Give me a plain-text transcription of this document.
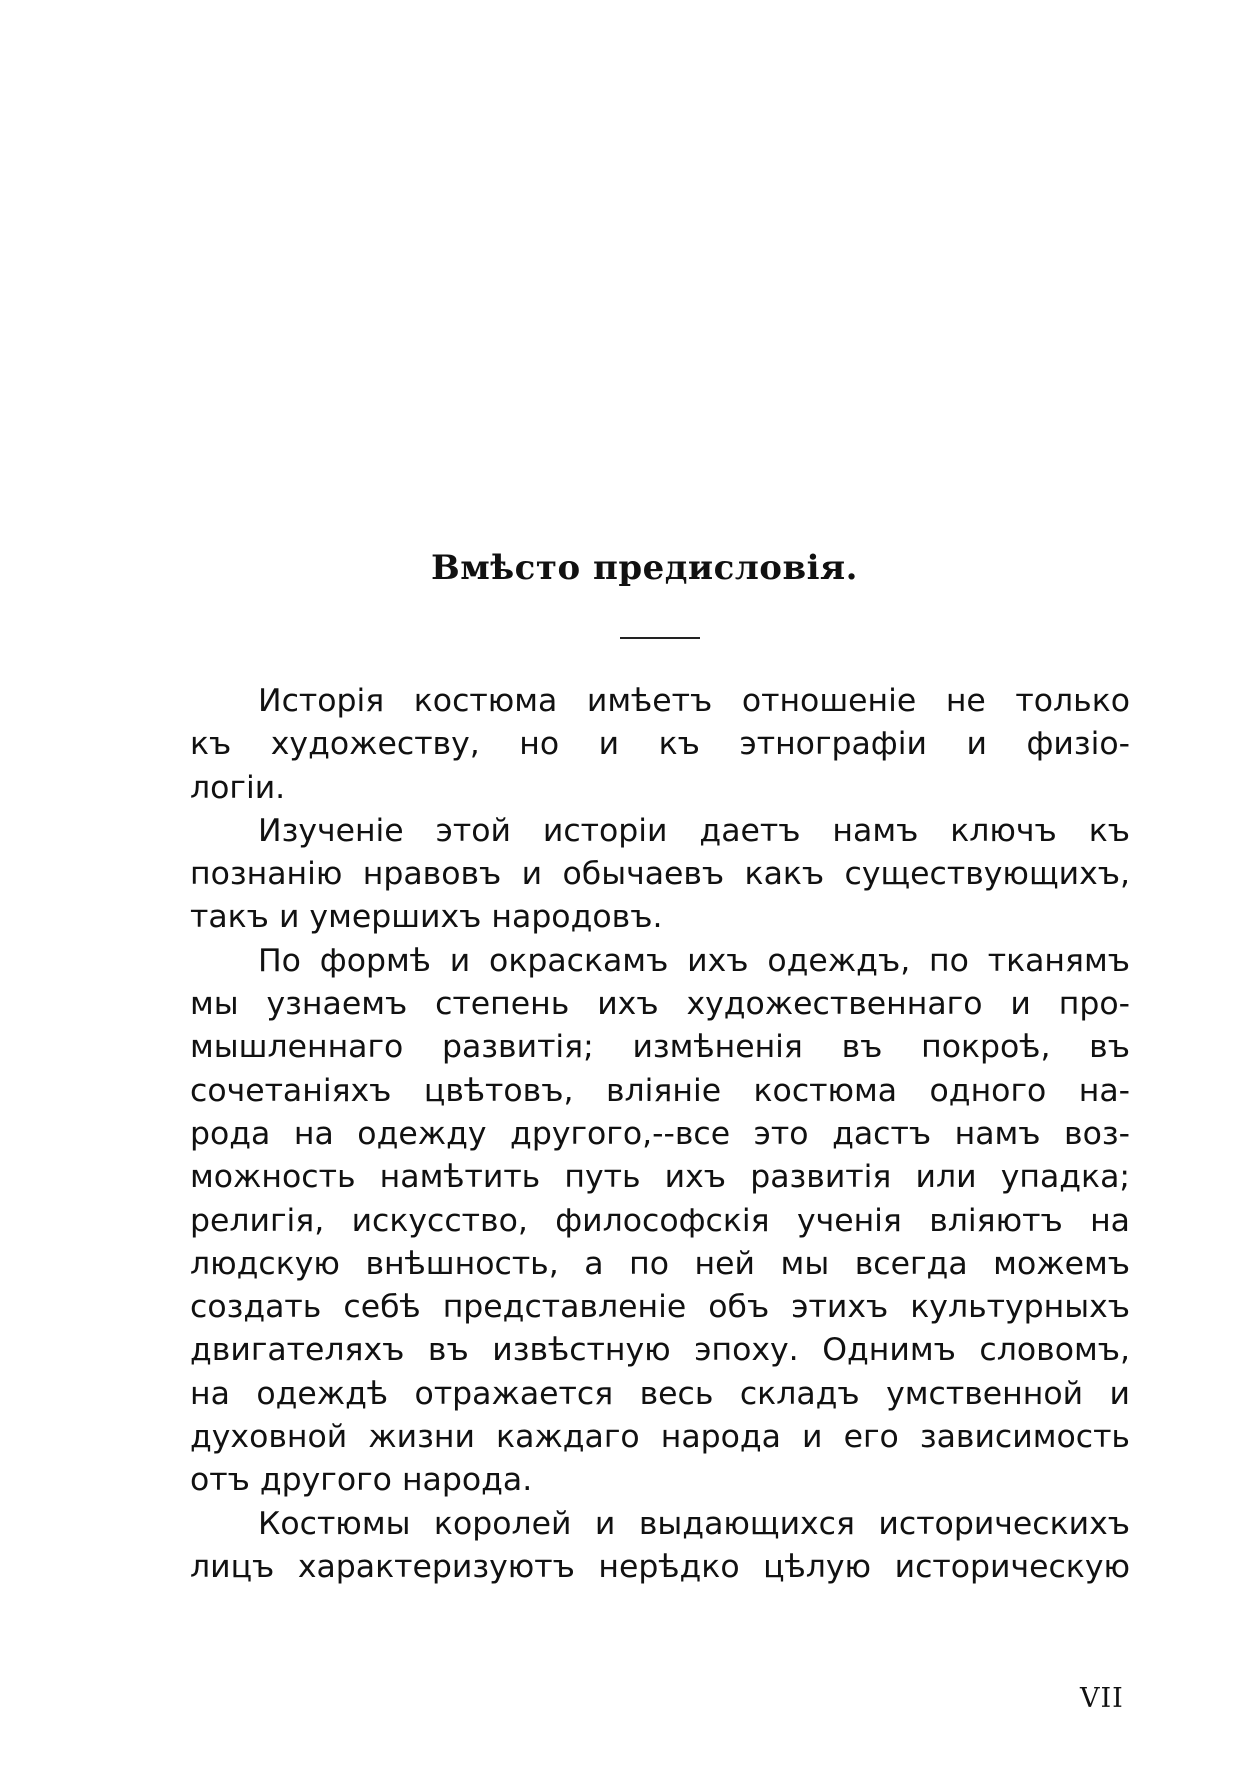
Вмѣсто предисловія.
Исторія костюма имѣетъ отношеніе не только
къ художеству, но и къ этнографіи и физіо-
логіи.
Изученіе этой исторіи даетъ намъ ключъ къ
познанію нравовъ и обычаевъ какъ существующихъ,
такъ и умершихъ народовъ.
По формѣ и окраскамъ ихъ одеждъ, по тканямъ
мы узнаемъ степень ихъ художественнаго и про-
мышленнаго развитія; измѣненія въ покроѣ, въ
сочетаніяхъ цвѣтовъ, вліяніе костюма одного на-
рода на одежду другого,--все это дастъ намъ воз-
можность намѣтить путь ихъ развитія или упадка;
религія, искусство, философскія ученія вліяютъ на
людскую внѣшность, а по ней мы всегда можемъ
создать себѣ представленіе объ этихъ культурныхъ
двигателяхъ въ извѣстную эпоху. Однимъ словомъ,
на одеждѣ отражается весь складъ умственной и
духовной жизни каждаго народа и его зависимость
отъ другого народа.
Костюмы королей и выдающихся историческихъ
лицъ характеризуютъ нерѣдко цѣлую историческую
VII
